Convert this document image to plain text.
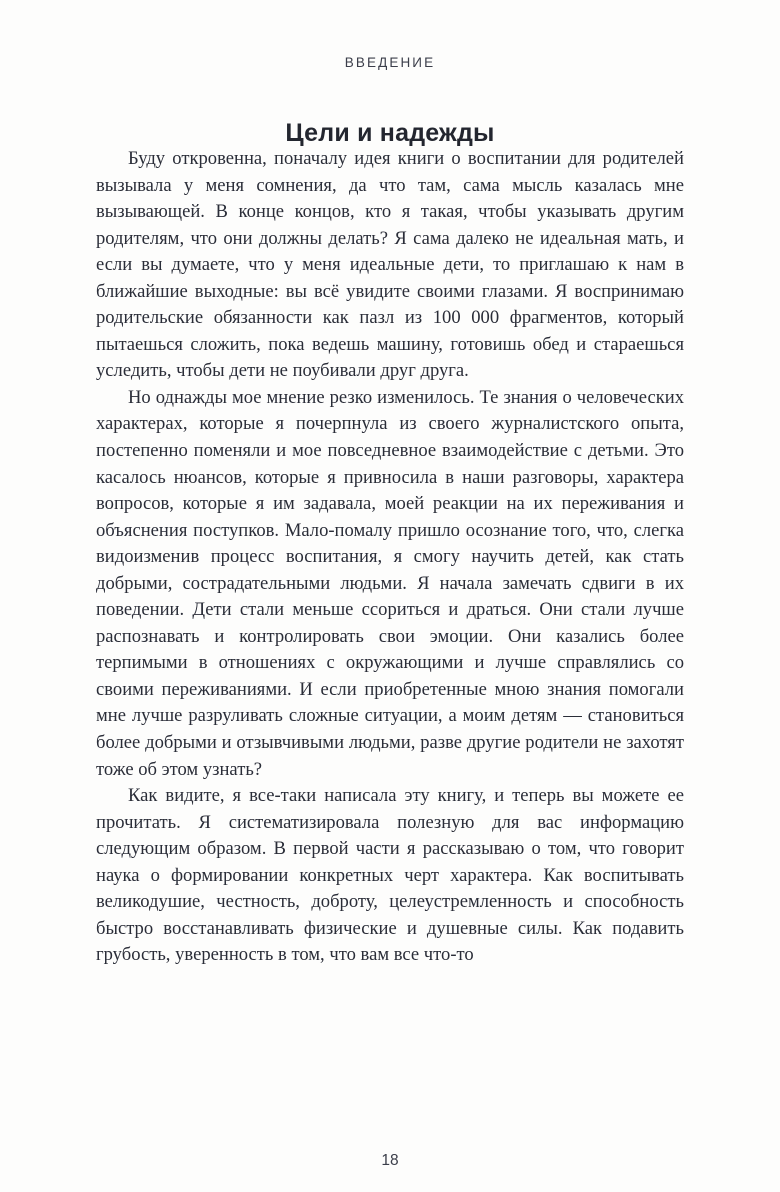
ВВЕДЕНИЕ
Цели и надежды

Буду откровенна, поначалу идея книги о воспитании для родителей вызывала у меня сомнения, да что там, сама мысль казалась мне вызывающей. В конце концов, кто я такая, чтобы указывать другим родителям, что они должны делать? Я сама далеко не идеальная мать, и если вы думаете, что у меня идеальные дети, то приглашаю к нам в ближайшие выходные: вы всё увидите своими глазами. Я воспринимаю родительские обязанности как пазл из 100 000 фрагментов, который пытаешься сложить, пока ведешь машину, готовишь обед и стараешься уследить, чтобы дети не поубивали друг друга.

Но однажды мое мнение резко изменилось. Те знания о человеческих характерах, которые я почерпнула из своего журналистского опыта, постепенно поменяли и мое повседневное взаимодействие с детьми. Это касалось нюансов, которые я привносила в наши разговоры, характера вопросов, которые я им задавала, моей реакции на их переживания и объяснения поступков. Мало-помалу пришло осознание того, что, слегка видоизменив процесс воспитания, я смогу научить детей, как стать добрыми, сострадательными людьми. Я начала замечать сдвиги в их поведении. Дети стали меньше ссориться и драться. Они стали лучше распознавать и контролировать свои эмоции. Они казались более терпимыми в отношениях с окружающими и лучше справлялись со своими переживаниями. И если приобретенные мною знания помогали мне лучше разруливать сложные ситуации, а моим детям — становиться более добрыми и отзывчивыми людьми, разве другие родители не захотят тоже об этом узнать?

Как видите, я все-таки написала эту книгу, и теперь вы можете ее прочитать. Я систематизировала полезную для вас информацию следующим образом. В первой части я рассказываю о том, что говорит наука о формировании конкретных черт характера. Как воспитывать великодушие, честность, доброту, целеустремленность и способность быстро восстанавливать физические и душевные силы. Как подавить грубость, уверенность в том, что вам все что-то

18
